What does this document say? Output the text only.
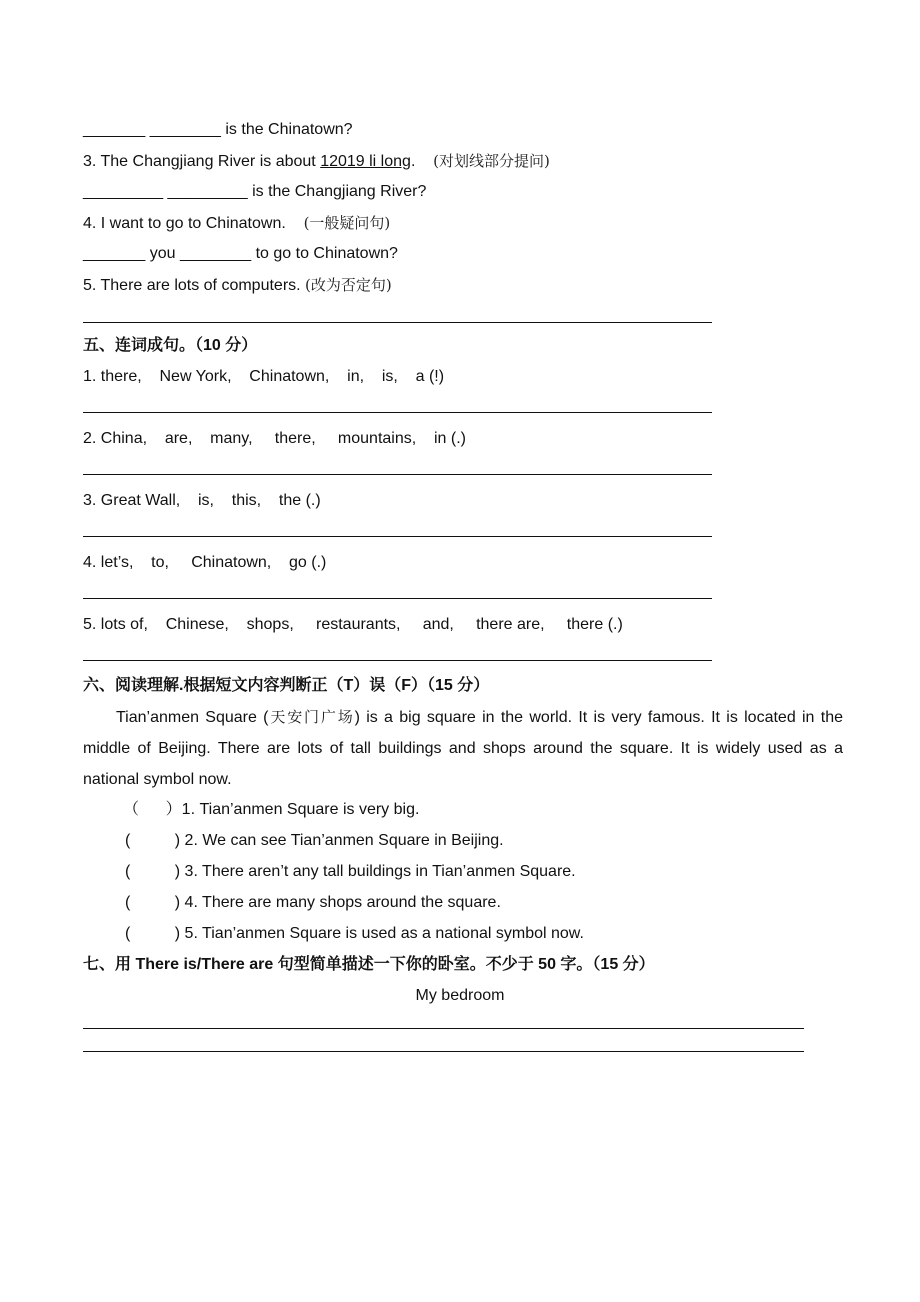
_______ ________ is the Chinatown?
3. The Changjiang River is about 12019 li long.    (对划线部分提问)
_________ _________ is the Changjiang River?
4. I want to go to Chinatown.    (一般疑问句)
_______ you ________ to go to Chinatown?
5. There are lots of computers. (改为否定句)
五、连词成句。（10 分）
1. there,    New York,    Chinatown,    in,    is,    a (!)
2. China,    are,    many,     there,     mountains,    in (.)
3. Great Wall,    is,    this,    the (.)
4. let’s,    to,     Chinatown,    go (.)
5. lots of,    Chinese,    shops,     restaurants,     and,     there are,     there (.)
六、阅读理解.根据短文内容判断正（T）误（F）（15 分）
Tian’anmen Square (天安门广场) is a big square in the world. It is very famous. It is located in the middle of Beijing. There are lots of tall buildings and shops around the square. It is widely used as a national symbol now.
（      ）1. Tian’anmen Square is very big.
(          ) 2. We can see Tian’anmen Square in Beijing.
(          ) 3. There aren’t any tall buildings in Tian’anmen Square.
(          ) 4. There are many shops around the square.
(          ) 5. Tian’anmen Square is used as a national symbol now.
七、用 There is/There are 句型简单描述一下你的卧室。不少于 50 字。（15 分）
My bedroom
